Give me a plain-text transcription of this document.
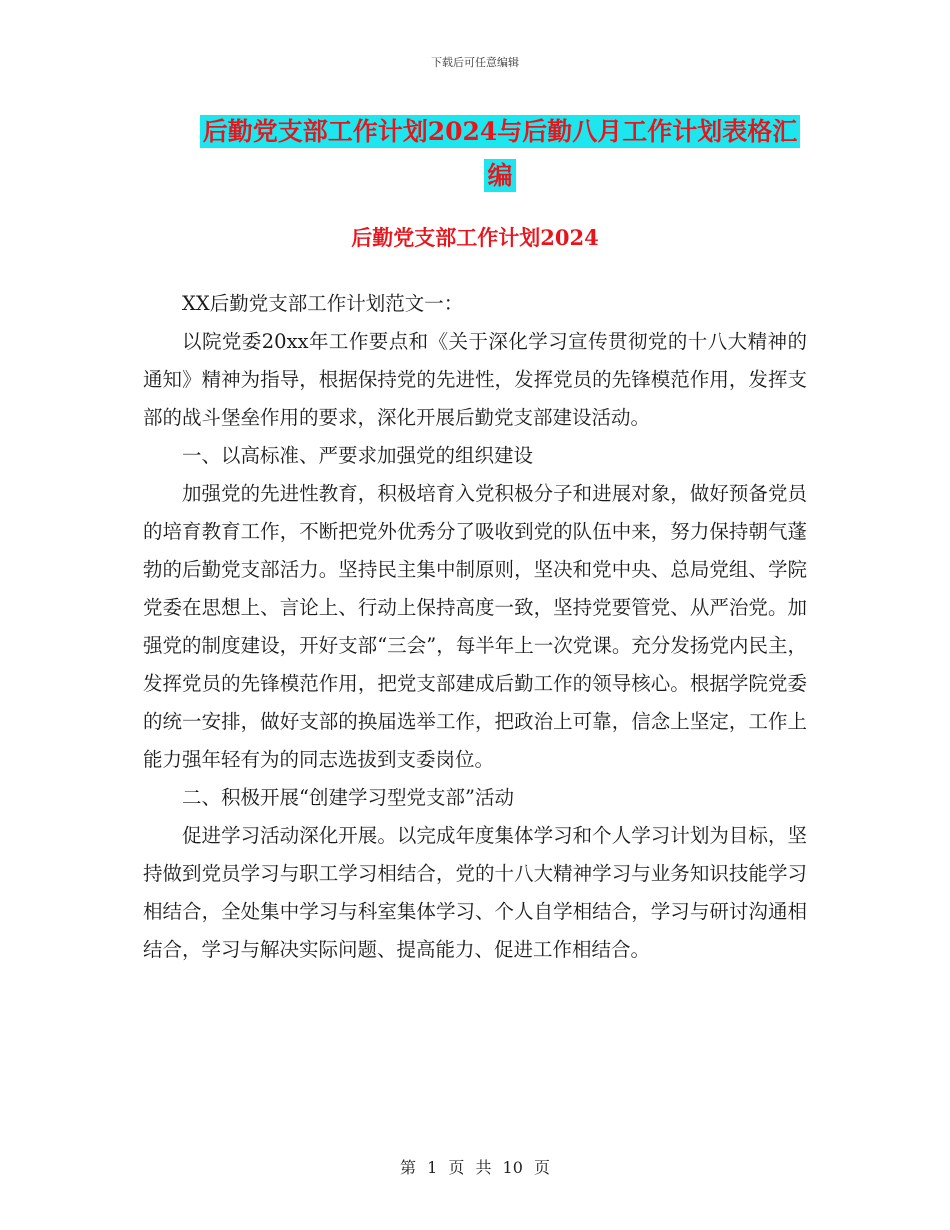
下载后可任意编辑
后勤党支部工作计划2024与后勤八月工作计划表格汇
编
后勤党支部工作计划2024

XX后勤党支部工作计划范文一：

以院党委20xx年工作要点和《关于深化学习宣传贯彻党的十八大精神的通知》精神为指导，根据保持党的先进性，发挥党员的先锋模范作用，发挥支部的战斗堡垒作用的要求，深化开展后勤党支部建设活动。

一、以高标准、严要求加强党的组织建设

加强党的先进性教育，积极培育入党积极分子和进展对象，做好预备党员的培育教育工作，不断把党外优秀分了吸收到党的队伍中来，努力保持朝气蓬勃的后勤党支部活力。坚持民主集中制原则，坚决和党中央、总局党组、学院党委在思想上、言论上、行动上保持高度一致，坚持党要管党、从严治党。加强党的制度建设，开好支部“三会”，每半年上一次党课。充分发扬党内民主，发挥党员的先锋模范作用，把党支部建成后勤工作的领导核心。根据学院党委的统一安排，做好支部的换届选举工作，把政治上可靠，信念上坚定，工作上能力强年轻有为的同志选拔到支委岗位。

二、积极开展“创建学习型党支部”活动

促进学习活动深化开展。以完成年度集体学习和个人学习计划为目标，坚持做到党员学习与职工学习相结合，党的十八大精神学习与业务知识技能学习相结合，全处集中学习与科室集体学习、个人自学相结合，学习与研讨沟通相结合，学习与解决实际问题、提高能力、促进工作相结合。

第 1 页 共 10 页
